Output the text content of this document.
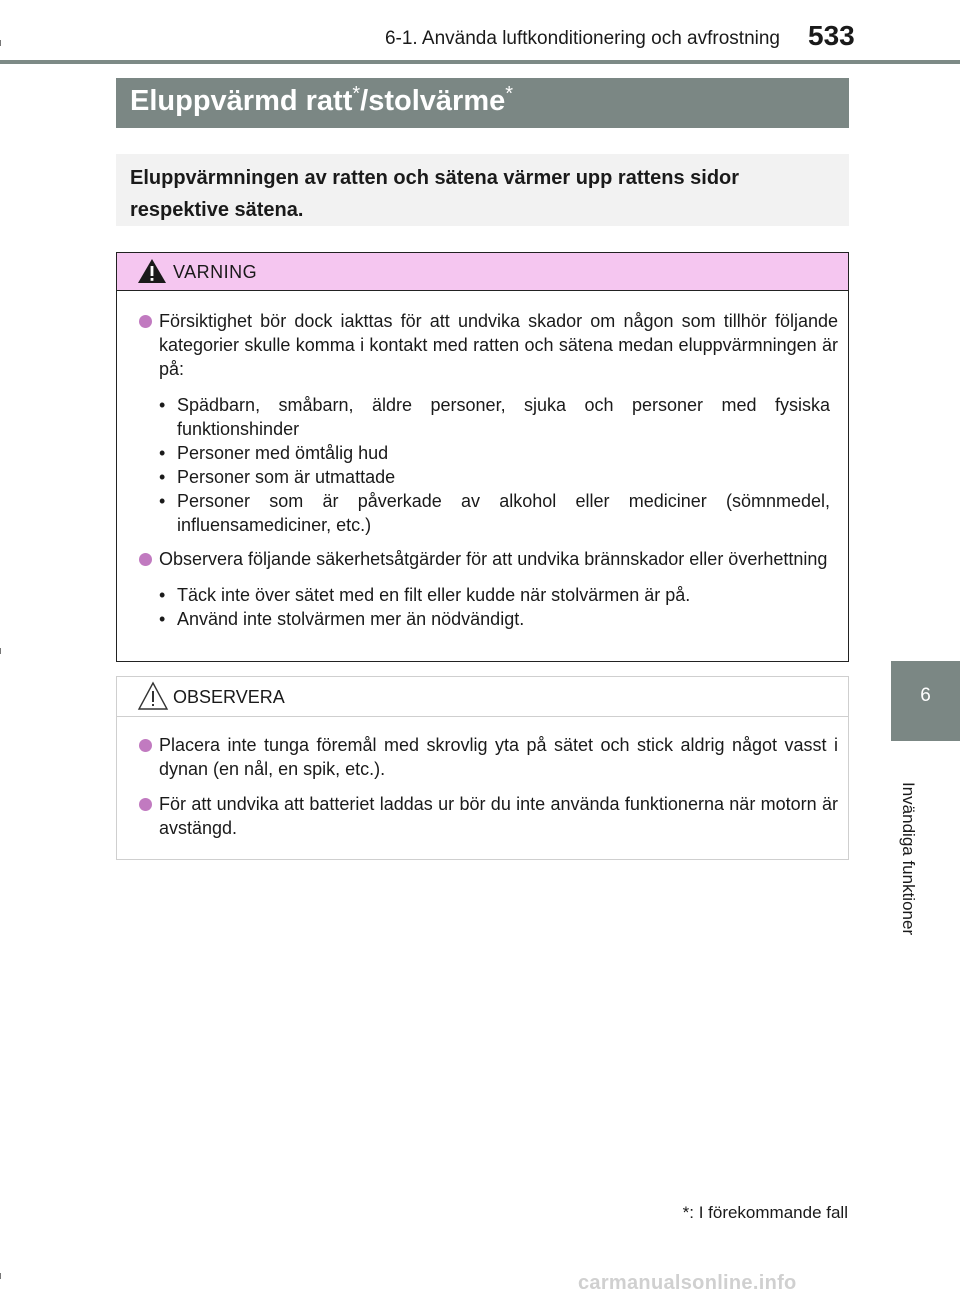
6-1. Använda luftkonditionering och avfrostning 533
Eluppvärmd ratt*/stolvärme*
Eluppvärmningen av ratten och sätena värmer upp rattens sidor respektive sätena.
VARNING

Försiktighet bör dock iakttas för att undvika skador om någon som tillhör följande kategorier skulle komma i kontakt med ratten och sätena medan eluppvärmningen är på:

• Spädbarn, småbarn, äldre personer, sjuka och personer med fysiska funktionshinder
• Personer med ömtålig hud
• Personer som är utmattade
• Personer som är påverkade av alkohol eller mediciner (sömnmedel, influensamediciner, etc.)

Observera följande säkerhetsåtgärder för att undvika brännskador eller överhettning

• Täck inte över sätet med en filt eller kudde när stolvärmen är på.
• Använd inte stolvärmen mer än nödvändigt.
OBSERVERA

Placera inte tunga föremål med skrovlig yta på sätet och stick aldrig något vasst i dynan (en nål, en spik, etc.).

För att undvika att batteriet laddas ur bör du inte använda funktionerna när motorn är avstängd.

6
Invändiga funktioner
*: I förekommande fall
carmanualsonline.info
